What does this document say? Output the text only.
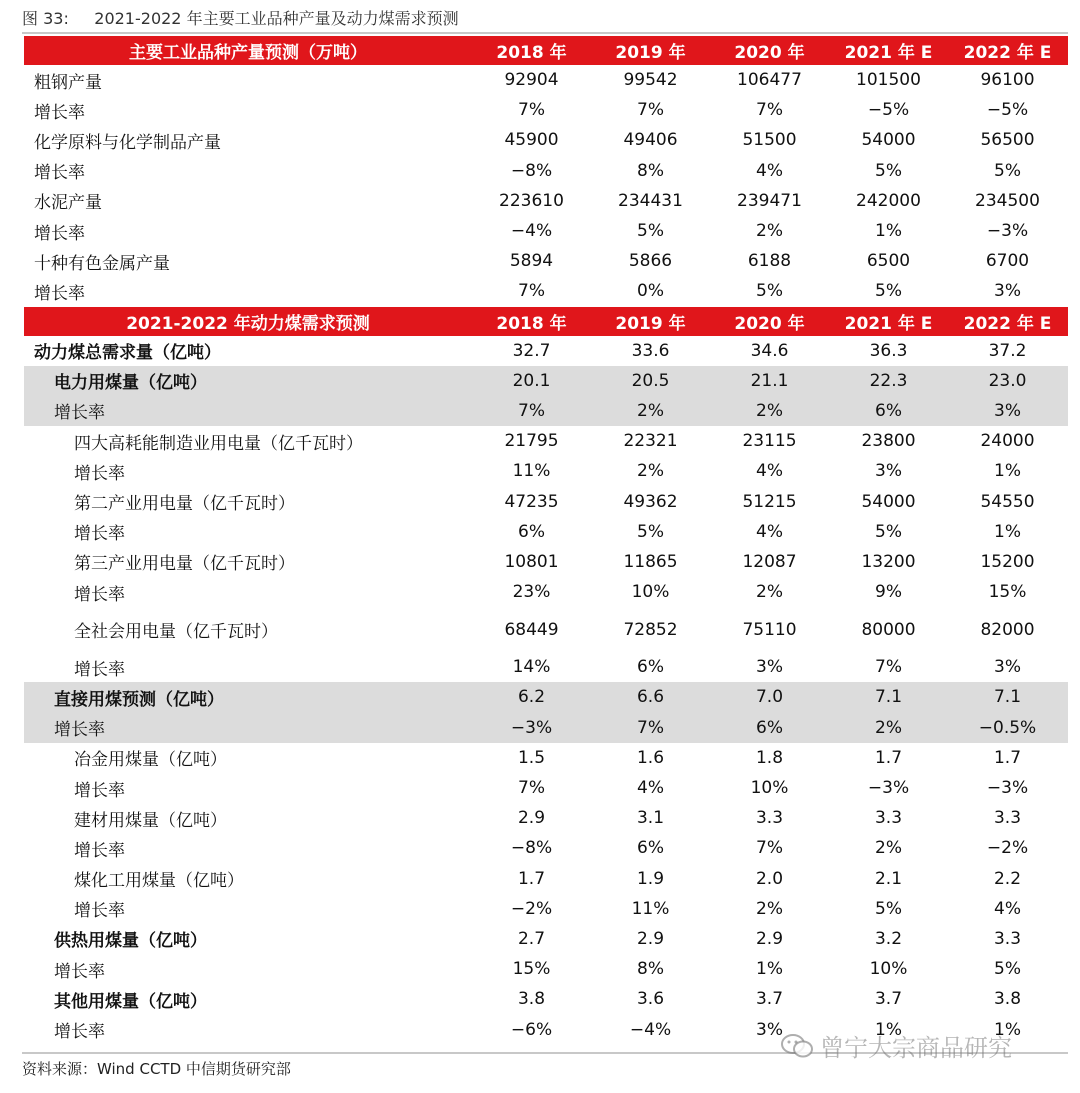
图 33:     2021-2022 年主要工业品种产量及动力煤需求预测
主要工业品种产量预测（万吨）	2018 年	2019 年	2020 年	2021 年 E	2022 年 E
粗钢产量	92904	99542	106477	101500	96100
增长率	7%	7%	7%	−5%	−5%
化学原料与化学制品产量	45900	49406	51500	54000	56500
增长率	−8%	8%	4%	5%	5%
水泥产量	223610	234431	239471	242000	234500
增长率	−4%	5%	2%	1%	−3%
十种有色金属产量	5894	5866	6188	6500	6700
增长率	7%	0%	5%	5%	3%
2021-2022 年动力煤需求预测	2018 年	2019 年	2020 年	2021 年 E	2022 年 E
动力煤总需求量（亿吨）	32.7	33.6	34.6	36.3	37.2
电力用煤量（亿吨）	20.1	20.5	21.1	22.3	23.0
增长率	7%	2%	2%	6%	3%
四大高耗能制造业用电量（亿千瓦时）	21795	22321	23115	23800	24000
增长率	11%	2%	4%	3%	1%
第二产业用电量（亿千瓦时）	47235	49362	51215	54000	54550
增长率	6%	5%	4%	5%	1%
第三产业用电量（亿千瓦时）	10801	11865	12087	13200	15200
增长率	23%	10%	2%	9%	15%
全社会用电量（亿千瓦时）	68449	72852	75110	80000	82000
增长率	14%	6%	3%	7%	3%
直接用煤预测（亿吨）	6.2	6.6	7.0	7.1	7.1
增长率	−3%	7%	6%	2%	−0.5%
冶金用煤量（亿吨）	1.5	1.6	1.8	1.7	1.7
增长率	7%	4%	10%	−3%	−3%
建材用煤量（亿吨）	2.9	3.1	3.3	3.3	3.3
增长率	−8%	6%	7%	2%	−2%
煤化工用煤量（亿吨）	1.7	1.9	2.0	2.1	2.2
增长率	−2%	11%	2%	5%	4%
供热用煤量（亿吨）	2.7	2.9	2.9	3.2	3.3
增长率	15%	8%	1%	10%	5%
其他用煤量（亿吨）	3.8	3.6	3.7	3.7	3.8
增长率	−6%	−4%	3%	1%	1%
资料来源：Wind CCTD 中信期货研究部
曾宁大宗商品研究
